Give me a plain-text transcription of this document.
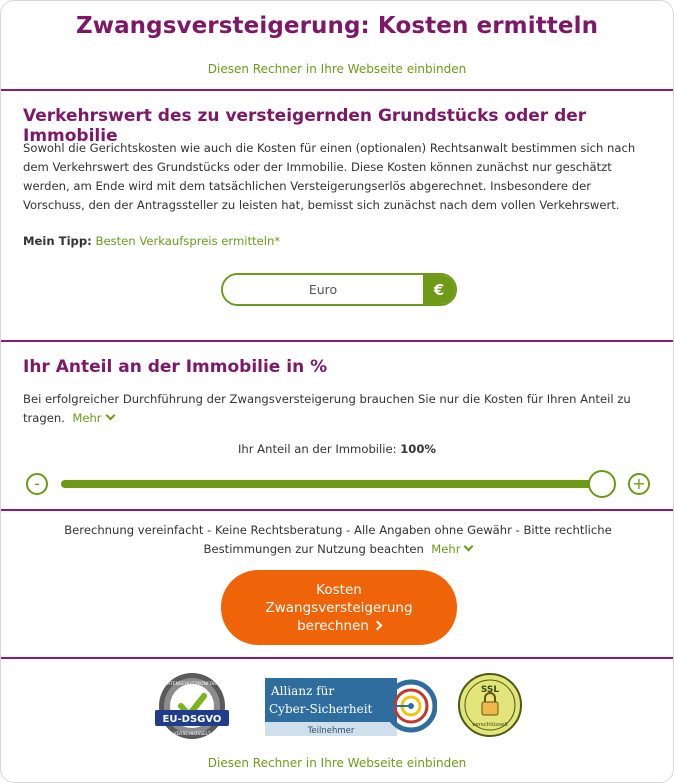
Zwangsversteigerung: Kosten ermitteln
Diesen Rechner in Ihre Webseite einbinden
Verkehrswert des zu versteigernden Grundstücks oder der Immobilie
Sowohl die Gerichtskosten wie auch die Kosten für einen (optionalen) Rechtsanwalt bestimmen sich nach dem Verkehrswert des Grundstücks oder der Immobilie. Diese Kosten können zunächst nur geschätzt werden, am Ende wird mit dem tatsächlichen Versteigerungserlös abgerechnet. Insbesondere der Vorschuss, den der Antragssteller zu leisten hat, bemisst sich zunächst nach dem vollen Verkehrswert.
Mein Tipp: Besten Verkaufspreis ermitteln*
Euro
€
Ihr Anteil an der Immobilie in %
Bei erfolgreicher Durchführung der Zwangsversteigerung brauchen Sie nur die Kosten für Ihren Anteil zu tragen. Mehr
Ihr Anteil an der Immobilie: 100%
-	+
Berechnung vereinfacht - Keine Rechtsberatung - Alle Angaben ohne Gewähr - Bitte rechtliche Bestimmungen zur Nutzung beachten Mehr
Kosten Zwangsversteigerung berechnen
EU-DSGVO
DATENSCHUTZKONFORM
VERSCHLÜSSELT
Allianz für
Cyber-Sicherheit
Teilnehmer
SSL
verschlüsselt
Diesen Rechner in Ihre Webseite einbinden
